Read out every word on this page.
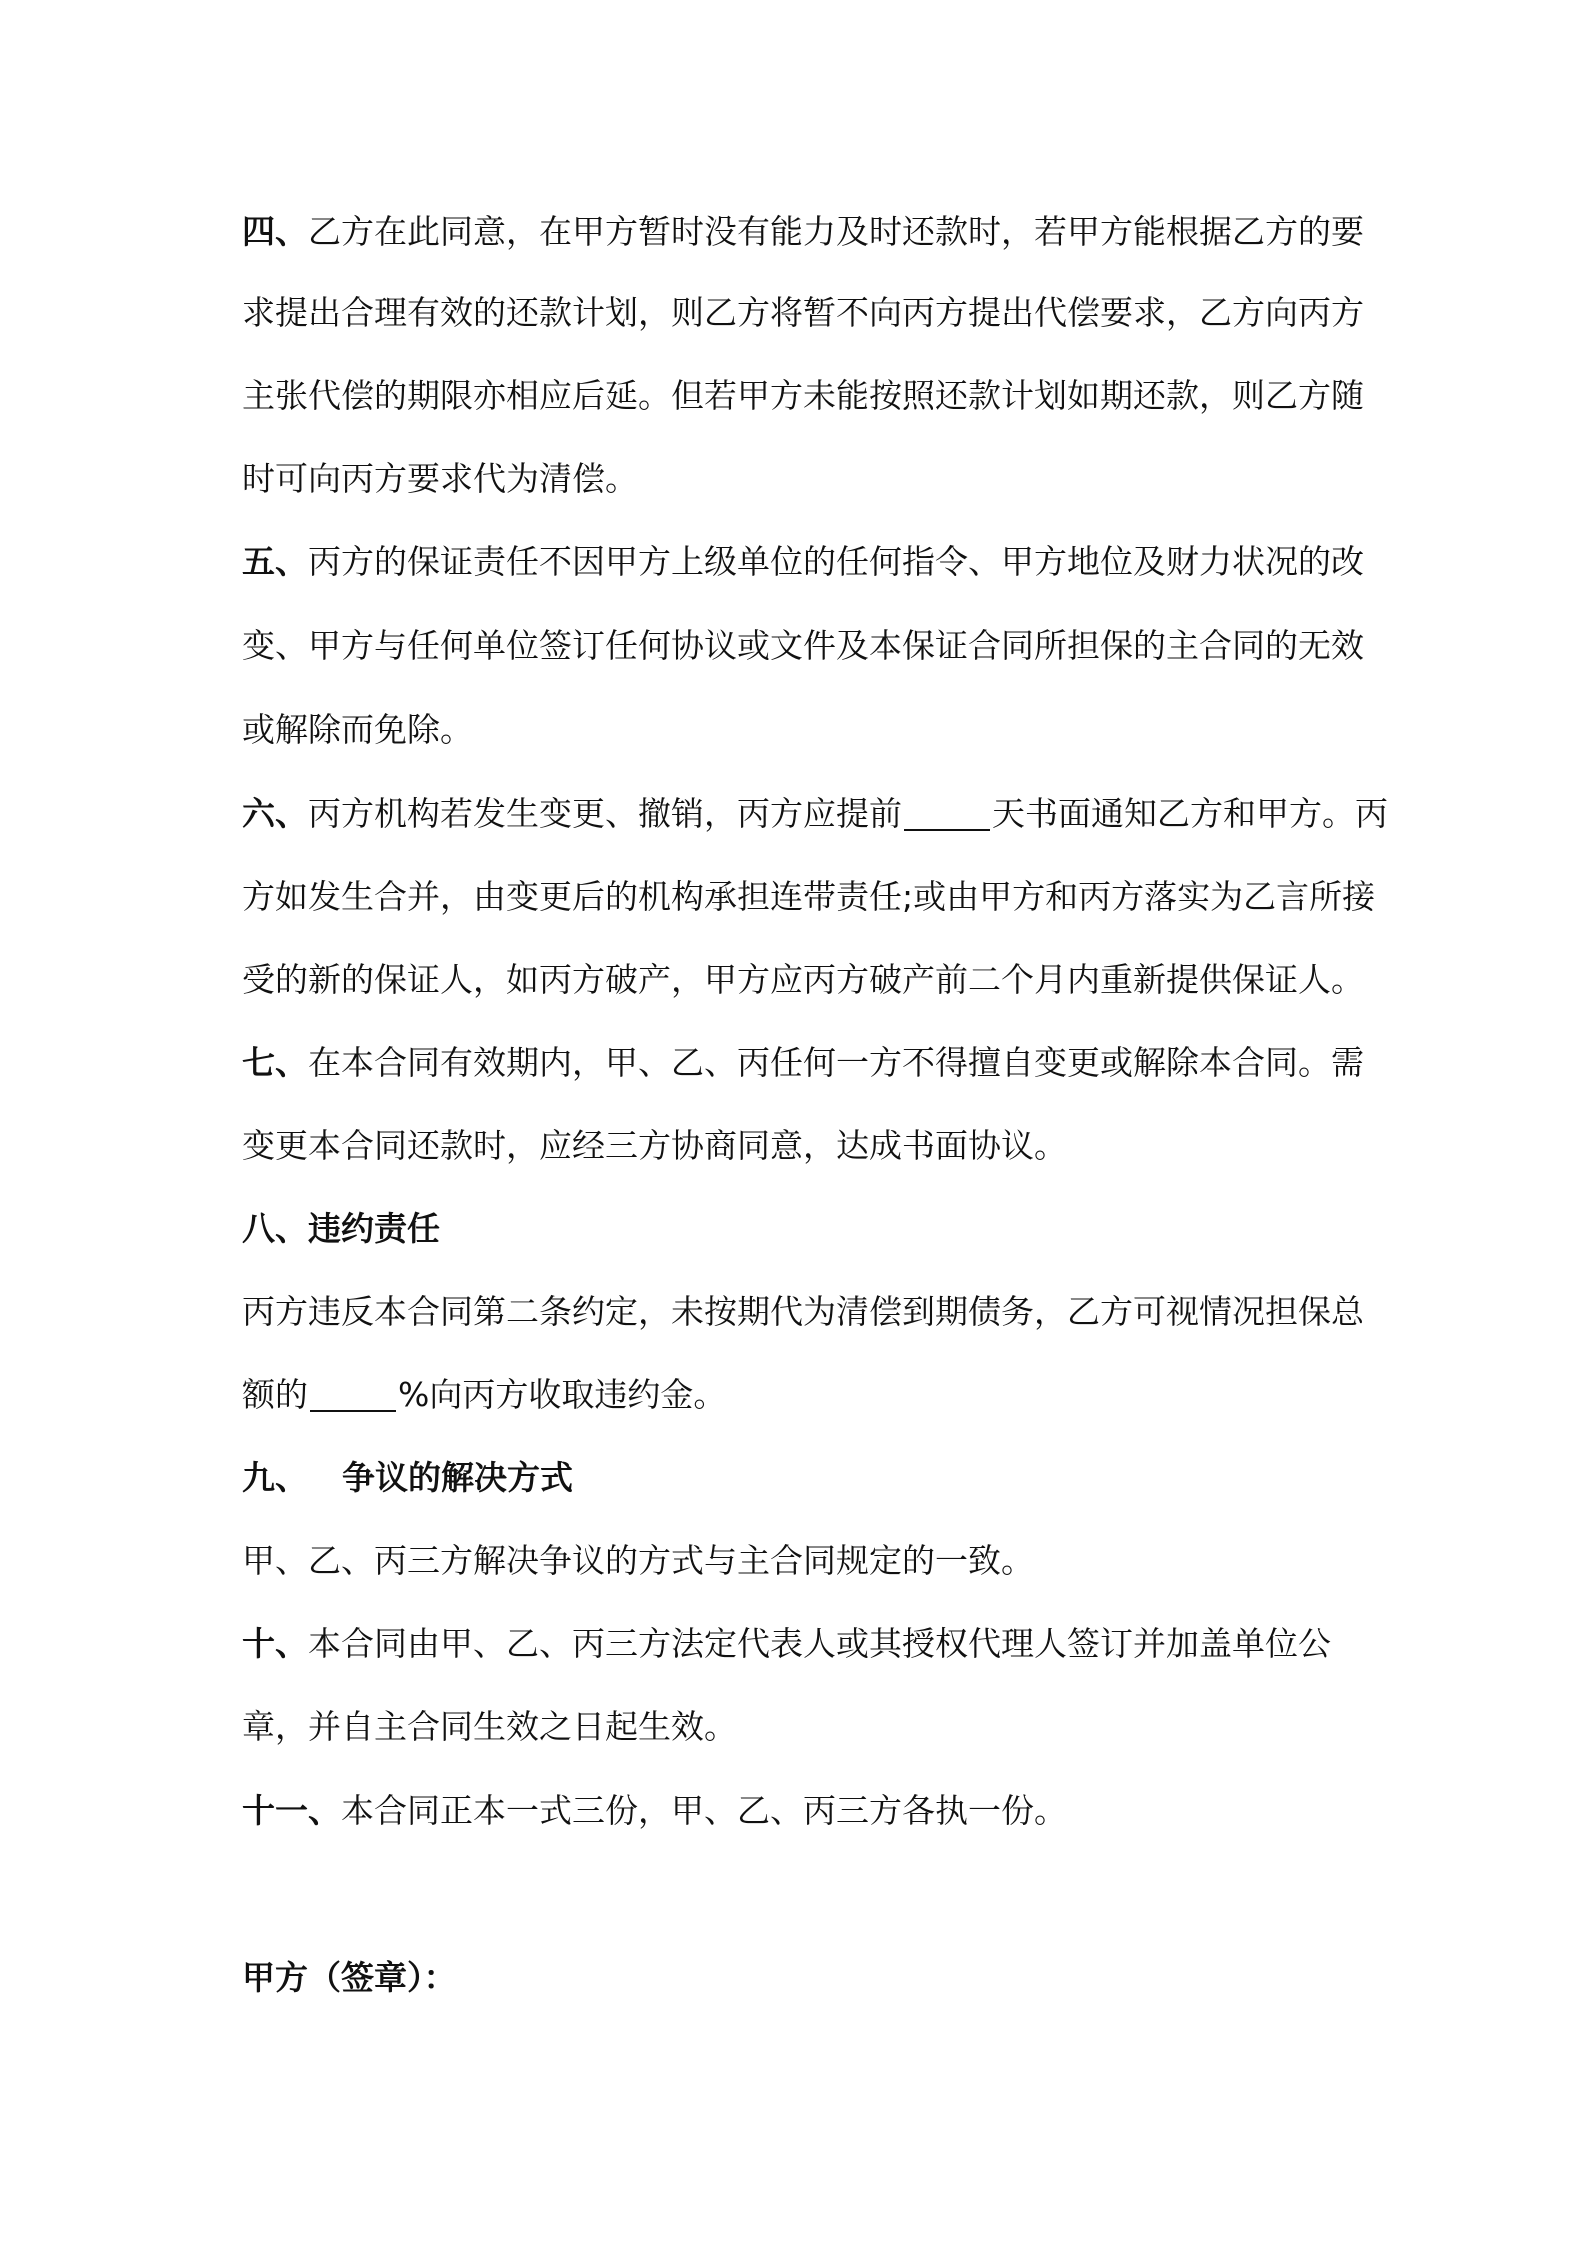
四、乙方在此同意，在甲方暂时没有能力及时还款时，若甲方能根据乙方的要
求提出合理有效的还款计划，则乙方将暂不向丙方提出代偿要求，乙方向丙方
主张代偿的期限亦相应后延。但若甲方未能按照还款计划如期还款，则乙方随
时可向丙方要求代为清偿。
五、丙方的保证责任不因甲方上级单位的任何指令、甲方地位及财力状况的改
变、甲方与任何单位签订任何协议或文件及本保证合同所担保的主合同的无效
或解除而免除。
六、丙方机构若发生变更、撤销，丙方应提前	天书面通知乙方和甲方。丙
方如发生合并，由变更后的机构承担连带责任;或由甲方和丙方落实为乙言所接
受的新的保证人，如丙方破产，甲方应丙方破产前二个月内重新提供保证人。
七、在本合同有效期内，甲、乙、丙任何一方不得擅自变更或解除本合同。需
变更本合同还款时，应经三方协商同意，达成书面协议。
八、违约责任
丙方违反本合同第二条约定，未按期代为清偿到期债务，乙方可视情况担保总
额的	%向丙方收取违约金。
九、 争议的解决方式
甲、乙、丙三方解决争议的方式与主合同规定的一致。
十、本合同由甲、乙、丙三方法定代表人或其授权代理人签订并加盖单位公
章，并自主合同生效之日起生效。
十一、本合同正本一式三份，甲、乙、丙三方各执一份。
甲方（签章）：
